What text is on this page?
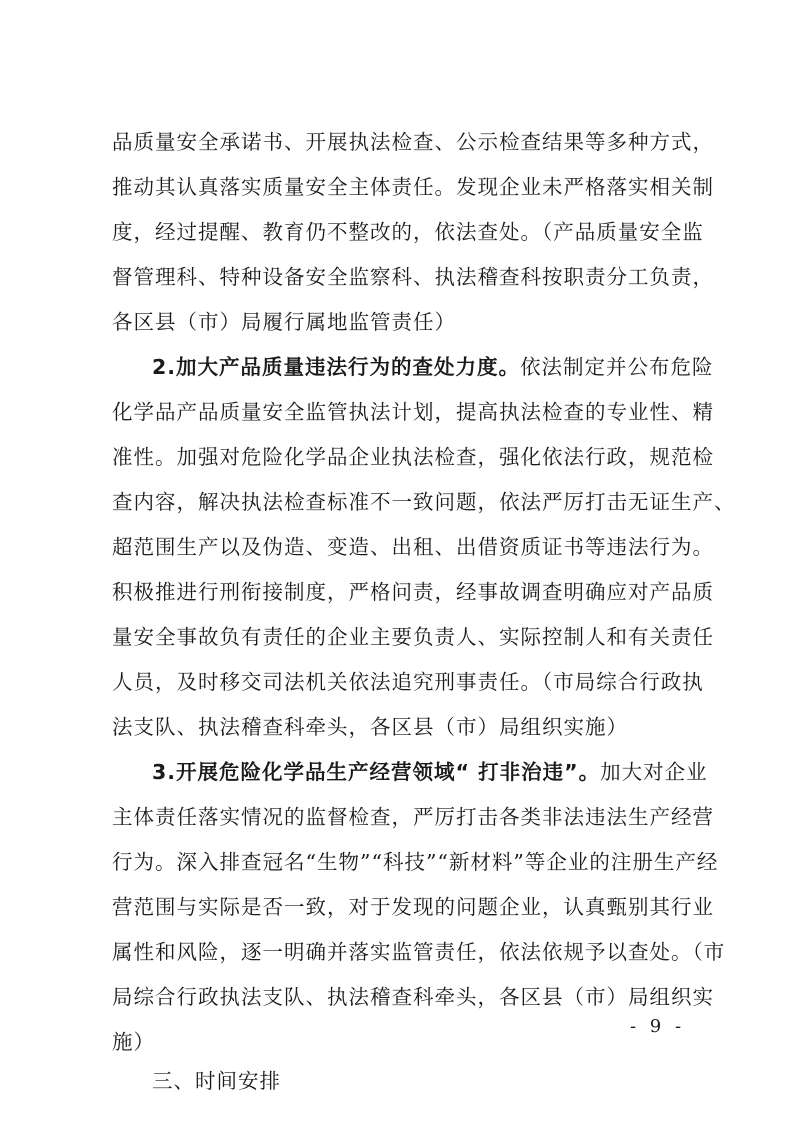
品质量安全承诺书、开展执法检查、公示检查结果等多种方式，
推动其认真落实质量安全主体责任。发现企业未严格落实相关制
度，经过提醒、教育仍不整改的，依法查处。（产品质量安全监
督管理科、特种设备安全监察科、执法稽查科按职责分工负责，
各区县（市）局履行属地监管责任）
2.加大产品质量违法行为的查处力度。依法制定并公布危险
化学品产品质量安全监管执法计划，提高执法检查的专业性、精
准性。加强对危险化学品企业执法检查，强化依法行政，规范检
查内容，解决执法检查标准不一致问题，依法严厉打击无证生产、
超范围生产以及伪造、变造、出租、出借资质证书等违法行为。
积极推进行刑衔接制度，严格问责，经事故调查明确应对产品质
量安全事故负有责任的企业主要负责人、实际控制人和有关责任
人员，及时移交司法机关依法追究刑事责任。（市局综合行政执
法支队、执法稽查科牵头，各区县（市）局组织实施）
3.开展危险化学品生产经营领域“ 打非治违”。加大对企业
主体责任落实情况的监督检查，严厉打击各类非法违法生产经营
行为。深入排查冠名“生物”“科技”“新材料”等企业的注册生产经
营范围与实际是否一致，对于发现的问题企业，认真甄别其行业
属性和风险，逐一明确并落实监管责任，依法依规予以查处。（市
局综合行政执法支队、执法稽查科牵头，各区县（市）局组织实
施）
三、时间安排
- 9 -
